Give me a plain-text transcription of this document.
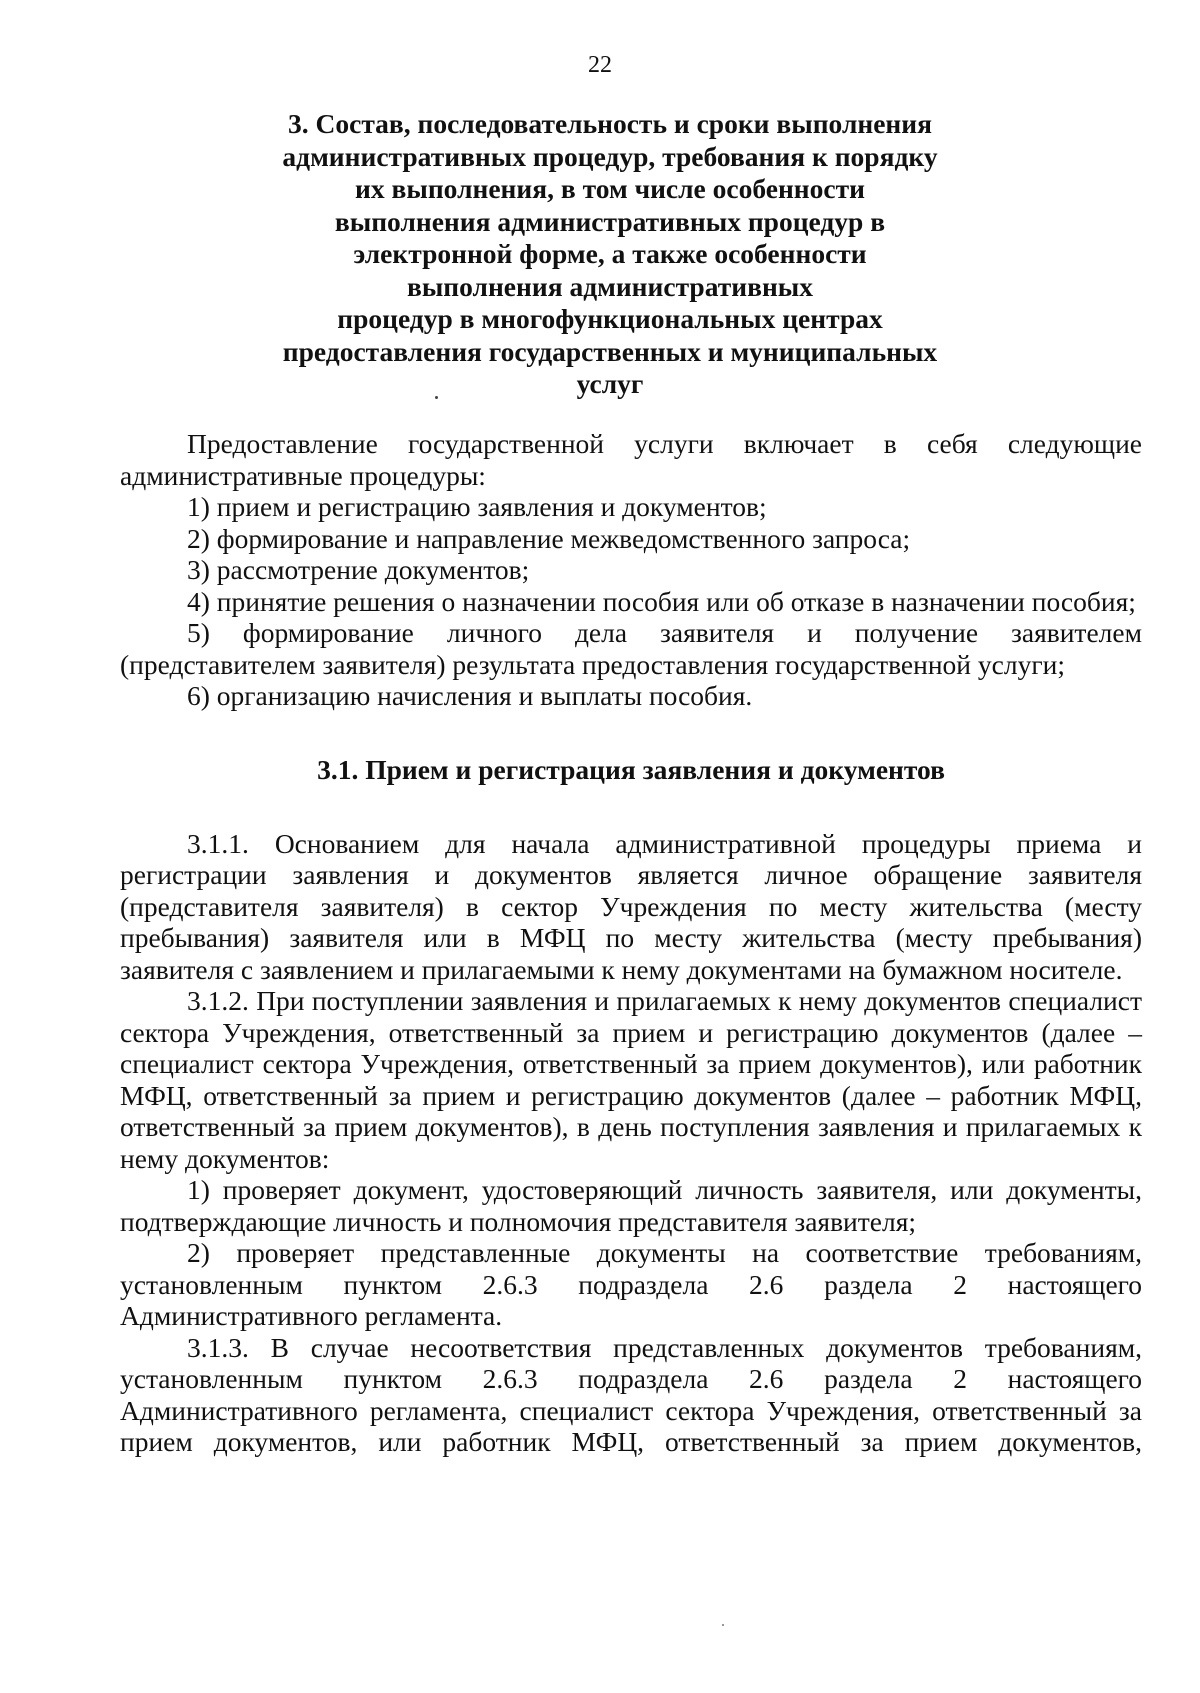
22
3. Состав, последовательность и сроки выполнения
административных процедур, требования к порядку
их выполнения, в том числе особенности
выполнения административных процедур в
электронной форме, а также особенности
выполнения административных
процедур в многофункциональных центрах
предоставления государственных и муниципальных
услуг

Предоставление государственной услуги включает в себя следующие административные процедуры:

1) прием и регистрацию заявления и документов;

2) формирование и направление межведомственного запроса;

3) рассмотрение документов;

4) принятие решения о назначении пособия или об отказе в назначении пособия;

5) формирование личного дела заявителя и получение заявителем (представителем заявителя) результата предоставления государственной услуги;

6) организацию начисления и выплаты пособия.

3.1. Прием и регистрация заявления и документов

3.1.1. Основанием для начала административной процедуры приема и регистрации заявления и документов является личное обращение заявителя (представителя заявителя) в сектор Учреждения по месту жительства (месту пребывания) заявителя или в МФЦ по месту жительства (месту пребывания) заявителя с заявлением и прилагаемыми к нему документами на бумажном носителе.

3.1.2. При поступлении заявления и прилагаемых к нему документов специалист сектора Учреждения, ответственный за прием и регистрацию документов (далее – специалист сектора Учреждения, ответственный за прием документов), или работник МФЦ, ответственный за прием и регистрацию документов (далее – работник МФЦ, ответственный за прием документов), в день поступления заявления и прилагаемых к нему документов:

1) проверяет документ, удостоверяющий личность заявителя, или документы, подтверждающие личность и полномочия представителя заявителя;

2) проверяет представленные документы на соответствие требованиям, установленным пунктом 2.6.3 подраздела 2.6 раздела 2 настоящего Административного регламента.

3.1.3. В случае несоответствия представленных документов требованиям, установленным пунктом 2.6.3 подраздела 2.6 раздела 2 настоящего Административного регламента, специалист сектора Учреждения, ответственный за прием документов, или работник МФЦ, ответственный за прием документов,
